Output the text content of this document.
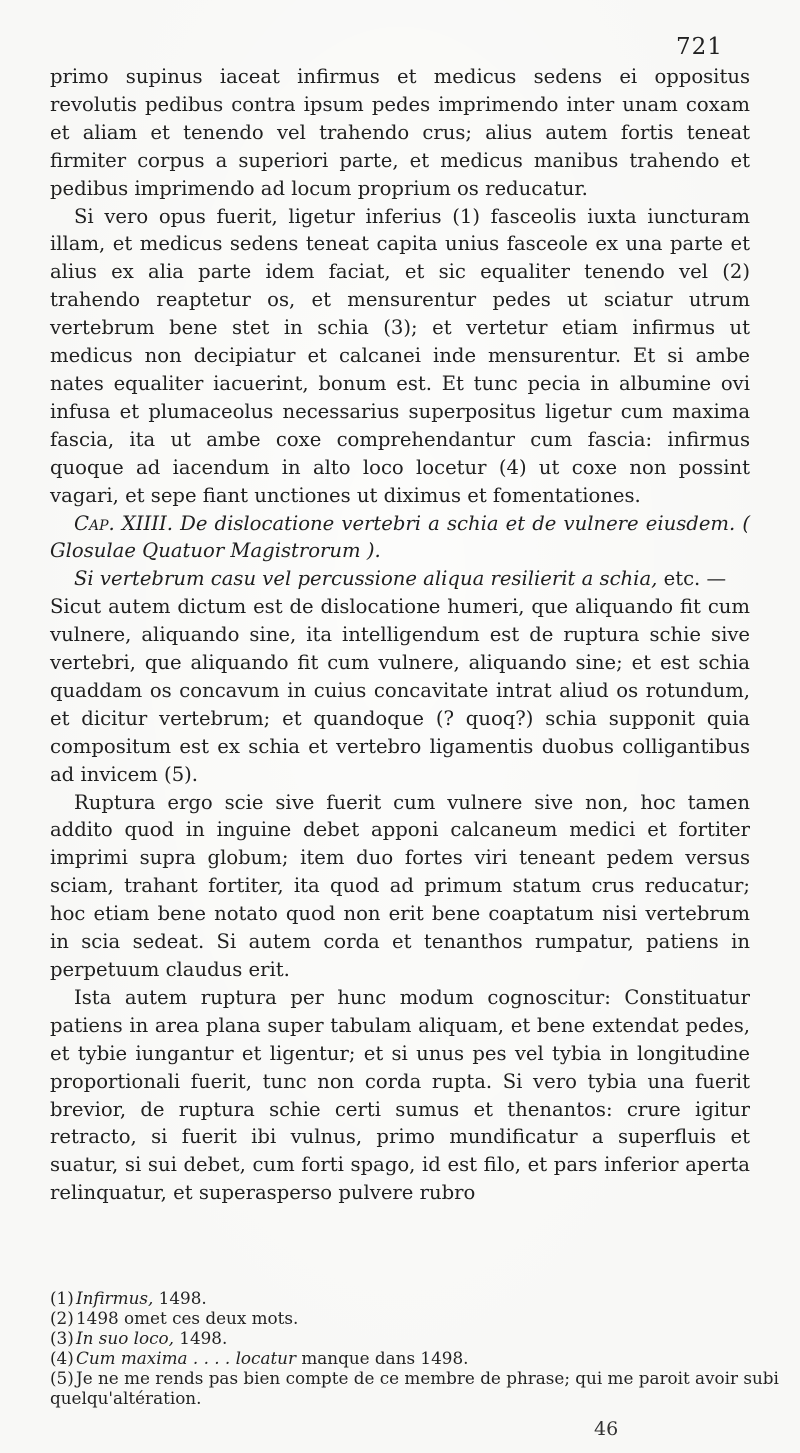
721

primo supinus iaceat infirmus et medicus sedens ei oppositus revolutis pedibus contra ipsum pedes imprimendo inter unam coxam et aliam et tenendo vel trahendo crus; alius autem fortis teneat firmiter corpus a superiori parte, et medicus manibus trahendo et pedibus imprimendo ad locum proprium os reducatur.

Si vero opus fuerit, ligetur inferius (1) fasceolis iuxta iuncturam illam, et medicus sedens teneat capita unius fasceole ex una parte et alius ex alia parte idem faciat, et sic equaliter tenendo vel (2) trahendo reaptetur os, et mensurentur pedes ut sciatur utrum vertebrum bene stet in schia (3); et vertetur etiam infirmus ut medicus non decipiatur et calcanei inde mensurentur. Et si ambe nates equaliter iacuerint, bonum est. Et tunc pecia in albumine ovi infusa et plumaceolus necessarius superpositus ligetur cum maxima fascia, ita ut ambe coxe comprehendantur cum fascia: infirmus quoque ad iacendum in alto loco locetur (4) ut coxe non possint vagari, et sepe fiant unctiones ut diximus et fomentationes.

Cap. XIIII. De dislocatione vertebri a schia et de vulnere eiusdem. ( Glosulae Quatuor Magistrorum ).

Si vertebrum casu vel percussione aliqua resilierit a schia, etc. —

Sicut autem dictum est de dislocatione humeri, que aliquando fit cum vulnere, aliquando sine, ita intelligendum est de ruptura schie sive vertebri, que aliquando fit cum vulnere, aliquando sine; et est schia quaddam os concavum in cuius concavitate intrat aliud os rotundum, et dicitur vertebrum; et quandoque (? quoq?) schia supponit quia compositum est ex schia et vertebro ligamentis duobus colligantibus ad invicem (5).

Ruptura ergo scie sive fuerit cum vulnere sive non, hoc tamen addito quod in inguine debet apponi calcaneum medici et fortiter imprimi supra globum; item duo fortes viri teneant pedem versus sciam, trahant fortiter, ita quod ad primum statum crus reducatur; hoc etiam bene notato quod non erit bene coaptatum nisi vertebrum in scia sedeat. Si autem corda et tenanthos rumpatur, patiens in perpetuum claudus erit.

Ista autem ruptura per hunc modum cognoscitur: Constituatur patiens in area plana super tabulam aliquam, et bene extendat pedes, et tybie iungantur et ligentur; et si unus pes vel tybia in longitudine proportionali fuerit, tunc non corda rupta. Si vero tybia una fuerit brevior, de ruptura schie certi sumus et thenantos: crure igitur retracto, si fuerit ibi vulnus, primo mundificatur a superfluis et suatur, si sui debet, cum forti spago, id est filo, et pars inferior aperta relinquatur, et superasperso pulvere rubro

(1) Infirmus, 1498.

(2) 1498 omet ces deux mots.

(3) In suo loco, 1498.

(4) Cum maxima . . . . locatur manque dans 1498.

(5) Je ne me rends pas bien compte de ce membre de phrase; qui me paroit avoir subi quelqu'altération.

46
